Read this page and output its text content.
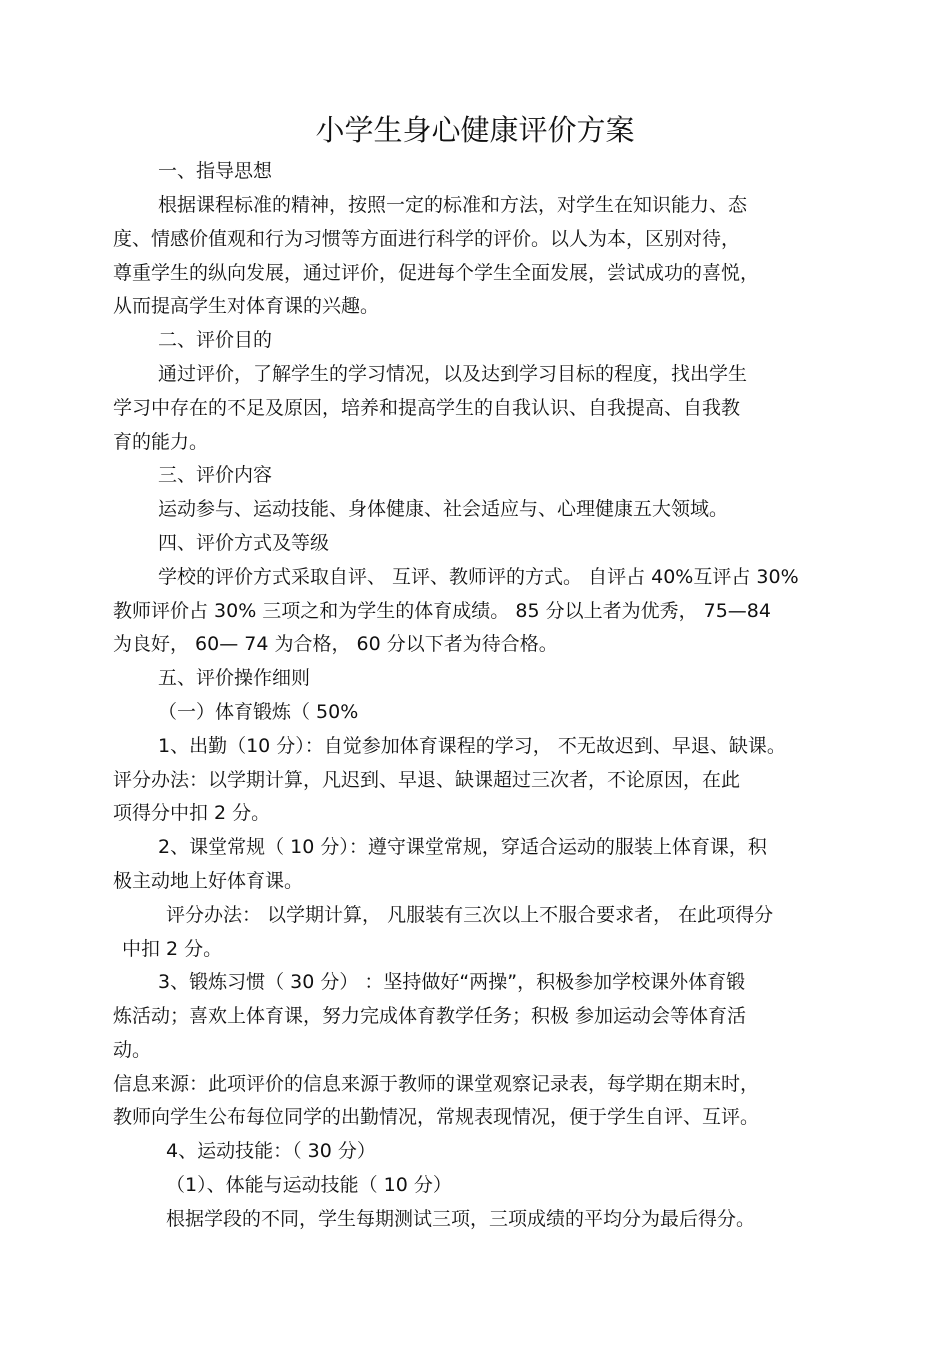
小学生身心健康评价方案
一、指导思想
根据课程标准的精神，按照一定的标准和方法，对学生在知识能力、态
度、情感价值观和行为习惯等方面进行科学的评价。以人为本，区别对待，
尊重学生的纵向发展，通过评价，促进每个学生全面发展，尝试成功的喜悦，
从而提高学生对体育课的兴趣。
二、评价目的
通过评价，了解学生的学习情况，以及达到学习目标的程度，找出学生
学习中存在的不足及原因，培养和提高学生的自我认识、自我提高、自我教
育的能力。
三、评价内容
运动参与、运动技能、身体健康、社会适应与、心理健康五大领域。
四、评价方式及等级
学校的评价方式采取自评、 互评、教师评的方式。 自评占 40%互评占 30%
教师评价占 30% 三项之和为学生的体育成绩。 85 分以上者为优秀， 75—84
为良好， 60— 74 为合格， 60 分以下者为待合格。
五、评价操作细则
（一）体育锻炼（ 50%
1、出勤（10 分）：自觉参加体育课程的学习， 不无故迟到、早退、缺课。
评分办法：以学期计算，凡迟到、早退、缺课超过三次者，不论原因，在此
项得分中扣 2 分。
2、课堂常规（ 10 分）：遵守课堂常规，穿适合运动的服装上体育课，积
极主动地上好体育课。
评分办法： 以学期计算， 凡服装有三次以上不服合要求者， 在此项得分
中扣 2 分。
3、锻炼习惯（ 30 分） ：坚持做好“两操”，积极参加学校课外体育锻
炼活动；喜欢上体育课，努力完成体育教学任务；积极 参加运动会等体育活
动。
信息来源：此项评价的信息来源于教师的课堂观察记录表，每学期在期末时，
教师向学生公布每位同学的出勤情况，常规表现情况，便于学生自评、互评。
4、运动技能：（ 30 分）
（1）、体能与运动技能（ 10 分）
根据学段的不同，学生每期测试三项，三项成绩的平均分为最后得分。
